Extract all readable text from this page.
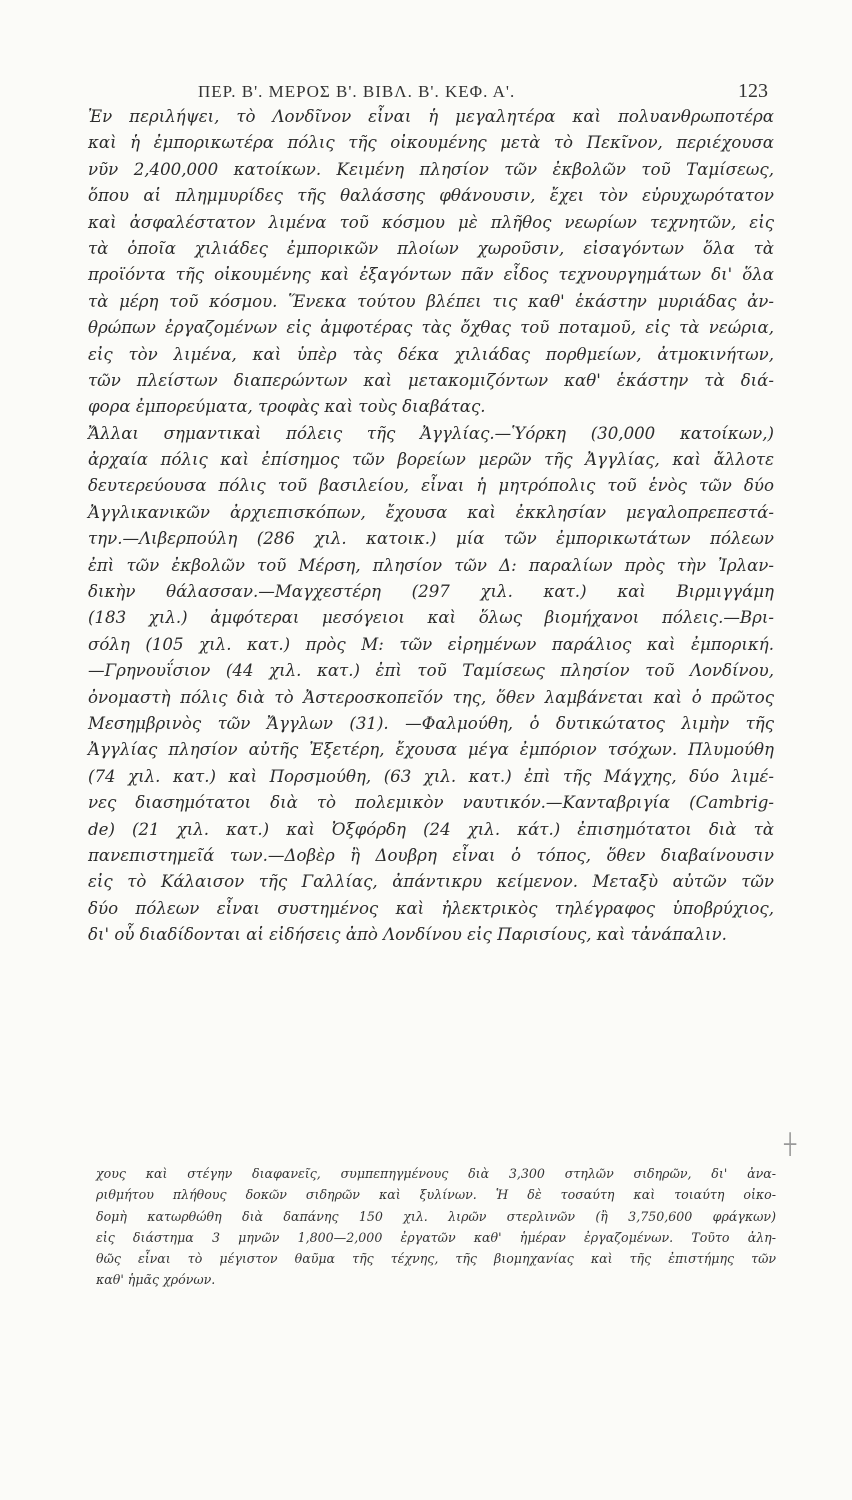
ΠΕΡ. Β'. ΜΕΡΟΣ Β'. ΒΙΒΛ. Β'. ΚΕΦ. Α'.	123
Ἐν περιλήψει, τὸ Λονδῖνον εἶναι ἡ μεγαλητέρα καὶ πολυανθρωποτέρα
καὶ ἡ ἐμπορικωτέρα πόλις τῆς οἰκουμένης μετὰ τὸ Πεκῖνον, περιέχουσα
νῦν 2,400,000 κατοίκων. Κειμένη πλησίον τῶν ἐκβολῶν τοῦ Ταμίσεως,
ὅπου αἱ πλημμυρίδες τῆς θαλάσσης φθάνουσιν, ἔχει τὸν εὐρυχωρότατον
καὶ ἀσφαλέστατον λιμένα τοῦ κόσμου μὲ πλῆθος νεωρίων τεχνητῶν, εἰς
τὰ ὁποῖα χιλιάδες ἐμπορικῶν πλοίων χωροῦσιν, εἰσαγόντων ὅλα τὰ
προϊόντα τῆς οἰκουμένης καὶ ἐξαγόντων πᾶν εἶδος τεχνουργημάτων δι' ὅλα
τὰ μέρη τοῦ κόσμου. Ἕνεκα τούτου βλέπει τις καθ' ἑκάστην μυριάδας ἀν-
θρώπων ἐργαζομένων εἰς ἀμφοτέρας τὰς ὄχθας τοῦ ποταμοῦ, εἰς τὰ νεώρια,
εἰς τὸν λιμένα, καὶ ὑπὲρ τὰς δέκα χιλιάδας πορθμείων, ἀτμοκινήτων,
τῶν πλείστων διαπερώντων καὶ μετακομιζόντων καθ' ἑκάστην τὰ διά-
φορα ἐμπορεύματα, τροφὰς καὶ τοὺς διαβάτας.
Ἄλλαι σημαντικαὶ πόλεις τῆς Ἀγγλίας.—Ὑόρκη (30,000 κατοίκων,)
ἀρχαία πόλις καὶ ἐπίσημος τῶν βορείων μερῶν τῆς Ἀγγλίας, καὶ ἄλλοτε
δευτερεύουσα πόλις τοῦ βασιλείου, εἶναι ἡ μητρόπολις τοῦ ἑνὸς τῶν δύο
Ἀγγλικανικῶν ἀρχιεπισκόπων, ἔχουσα καὶ ἐκκλησίαν μεγαλοπρεπεστά-
την.—Λιβερπούλη (286 χιλ. κατοικ.) μία τῶν ἐμπορικωτάτων πόλεων
ἐπὶ τῶν ἐκβολῶν τοῦ Μέρση, πλησίον τῶν Δ: παραλίων πρὸς τὴν Ἰρλαν-
δικὴν θάλασσαν.—Μαγχεστέρη (297 χιλ. κατ.) καὶ Βιρμιγγάμη
(183 χιλ.) ἀμφότεραι μεσόγειοι καὶ ὅλως βιομήχανοι πόλεις.—Βρι-
σόλη (105 χιλ. κατ.) πρὸς Μ: τῶν εἰρημένων παράλιος καὶ ἐμπορική.
—Γρηνουΐσιον (44 χιλ. κατ.) ἐπὶ τοῦ Ταμίσεως πλησίον τοῦ Λονδίνου,
ὀνομαστὴ πόλις διὰ τὸ Ἀστεροσκοπεῖόν της, ὅθεν λαμβάνεται καὶ ὁ πρῶτος
Μεσημβρινὸς τῶν Ἄγγλων (31). —Φαλμούθη, ὁ δυτικώτατος λιμὴν τῆς
Ἀγγλίας πλησίον αὐτῆς Ἐξετέρη, ἔχουσα μέγα ἐμπόριον τσόχων. Πλυμούθη
(74 χιλ. κατ.) καὶ Πορσμούθη, (63 χιλ. κατ.) ἐπὶ τῆς Μάγχης, δύο λιμέ-
νες διασημότατοι διὰ τὸ πολεμικὸν ναυτικόν.—Κανταβριγία (Cambrig-
de) (21 χιλ. κατ.) καὶ Ὀξφόρδη (24 χιλ. κάτ.) ἐπισημότατοι διὰ τὰ
πανεπιστημεῖά των.—Δοβὲρ ἢ Δουβρη εἶναι ὁ τόπος, ὅθεν διαβαίνουσιν
εἰς τὸ Κάλαισον τῆς Γαλλίας, ἀπάντικρυ κείμενον. Μεταξὺ αὐτῶν τῶν
δύο πόλεων εἶναι συστημένος καὶ ἠλεκτρικὸς τηλέγραφος ὑποβρύχιος,
δι' οὗ διαδίδονται αἱ εἰδήσεις ἀπὸ Λονδίνου εἰς Παρισίους, καὶ τἀνάπαλιν.
┼
χους καὶ στέγην διαφανεῖς, συμπεπηγμένους διὰ 3,300 στηλῶν σιδηρῶν, δι' ἀνα-
ριθμήτου πλήθους δοκῶν σιδηρῶν καὶ ξυλίνων. Ἡ δὲ τοσαύτη καὶ τοιαύτη οἰκο-
δομὴ κατωρθώθη διὰ δαπάνης 150 χιλ. λιρῶν στερλινῶν (ἢ 3,750,600 φράγκων)
εἰς διάστημα 3 μηνῶν 1,800—2,000 ἐργατῶν καθ' ἡμέραν ἐργαζομένων. Τοῦτο ἀλη-
θῶς εἶναι τὸ μέγιστον θαῦμα τῆς τέχνης, τῆς βιομηχανίας καὶ τῆς ἐπιστήμης τῶν
καθ' ἡμᾶς χρόνων.
